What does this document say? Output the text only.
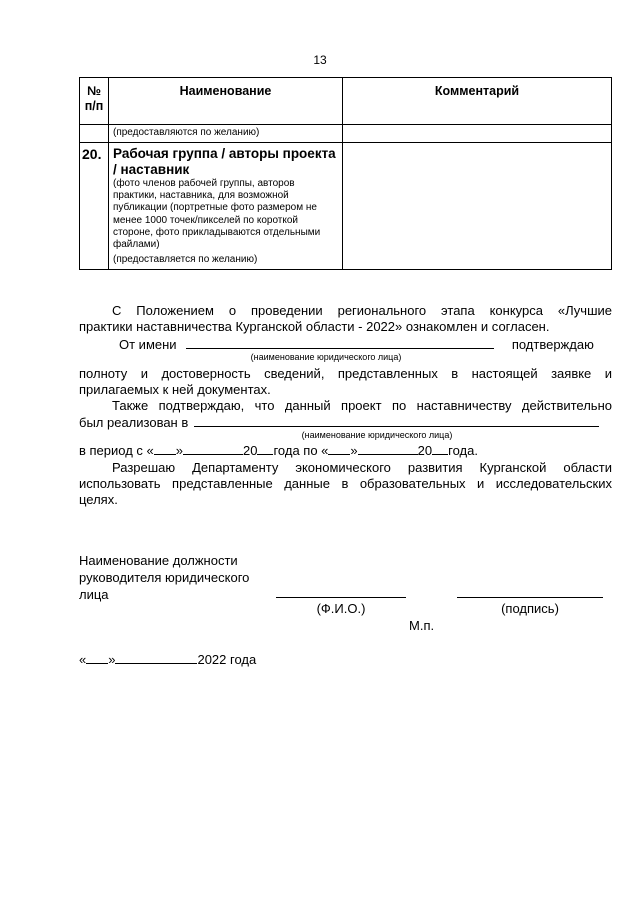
13
№ п/п	Наименование	Комментарий
	(предоставляются по желанию)	
20.	Рабочая группа / авторы проекта / наставник
(фото членов рабочей группы, авторов практики, наставника, для возможной публикации (портретные фото размером не менее 1000 точек/пикселей по короткой стороне, фото прикладываются отдельными файлами)
(предоставляется по желанию)	

С Положением о проведении регионального этапа конкурса «Лучшие
практики наставничества Курганской области - 2022» ознакомлен и согласен.
От имени	подтверждаю
(наименование юридического лица)
полноту и достоверность сведений, представленных в настоящей заявке и
прилагаемых к ней документах.
Также подтверждаю, что данный проект по наставничеству действительно
был реализован в
(наименование юридического лица)
в период с « »	20 года по « »	20 года.
Разрешаю Департаменту экономического развития Курганской области
использовать представленные данные в образовательных и исследовательских
целях.
Наименование должности
руководителя юридического
лица
(Ф.И.О.)	(подпись)
М.п.
« »	2022 года
